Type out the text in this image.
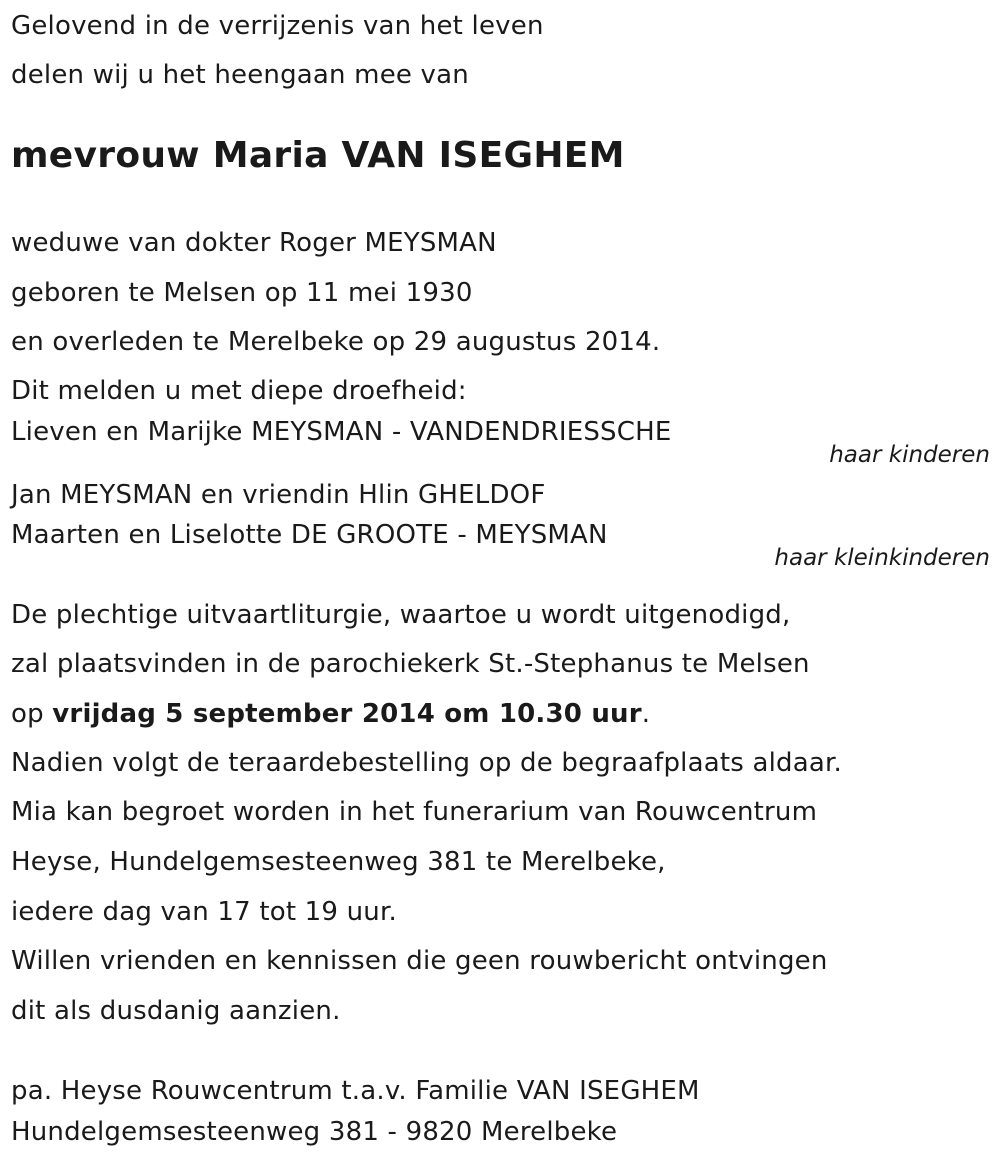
Gelovend in de verrijzenis van het leven
delen wij u het heengaan mee van
mevrouw Maria VAN ISEGHEM
weduwe van dokter Roger MEYSMAN
geboren te Melsen op 11 mei 1930
en overleden te Merelbeke op 29 augustus 2014.
Dit melden u met diepe droefheid:
Lieven en Marijke MEYSMAN - VANDENDRIESSCHE
haar kinderen
Jan MEYSMAN en vriendin Hlin GHELDOF
Maarten en Liselotte DE GROOTE - MEYSMAN
haar kleinkinderen
De plechtige uitvaartliturgie, waartoe u wordt uitgenodigd,
zal plaatsvinden in de parochiekerk St.-Stephanus te Melsen
op vrijdag 5 september 2014 om 10.30 uur.
Nadien volgt de teraardebestelling op de begraafplaats aldaar.
Mia kan begroet worden in het funerarium van Rouwcentrum
Heyse, Hundelgemsesteenweg 381 te Merelbeke,
iedere dag van 17 tot 19 uur.
Willen vrienden en kennissen die geen rouwbericht ontvingen
dit als dusdanig aanzien.
pa. Heyse Rouwcentrum t.a.v. Familie VAN ISEGHEM
Hundelgemsesteenweg 381 - 9820 Merelbeke
